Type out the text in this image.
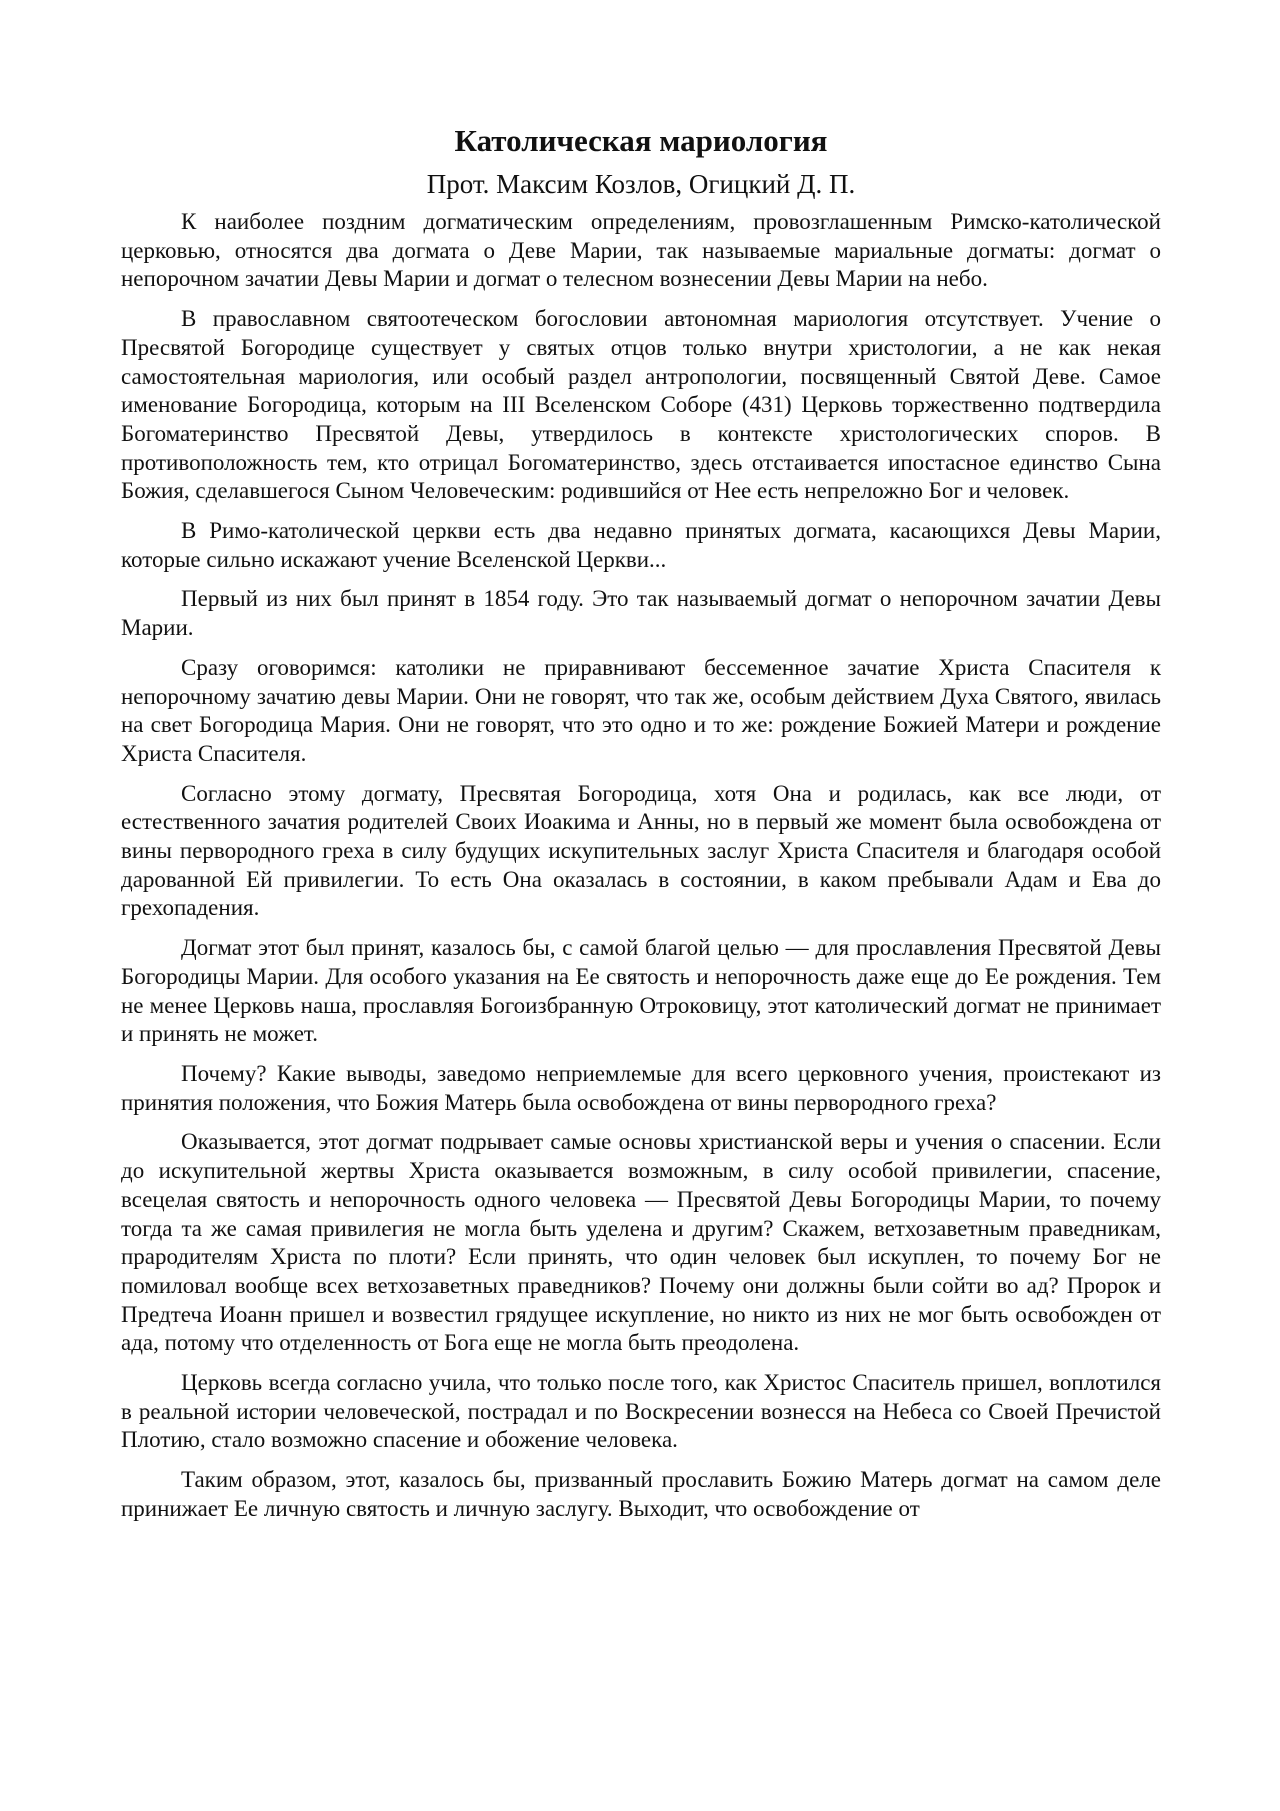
Католическая мариология
Прот. Максим Козлов, Огицкий Д. П.

К наиболее поздним догматическим определениям, провозглашенным Римско-католической церковью, относятся два догмата о Деве Марии, так называемые мариальные догматы: догмат о непорочном зачатии Девы Марии и догмат о телесном вознесении Девы Марии на небо.

В православном святоотеческом богословии автономная мариология отсутствует. Учение о Пресвятой Богородице существует у святых отцов только внутри христологии, а не как некая самостоятельная мариология, или особый раздел антропологии, посвященный Святой Деве. Самое именование Богородица, которым на III Вселенском Соборе (431) Церковь торжественно подтвердила Богоматеринство Пресвятой Девы, утвердилось в контексте христологических споров. В противоположность тем, кто отрицал Богоматеринство, здесь отстаивается ипостасное единство Сына Божия, сделавшегося Сыном Человеческим: родившийся от Нее есть непреложно Бог и человек.

В Римо-католической церкви есть два недавно принятых догмата, касающихся Девы Марии, которые сильно искажают учение Вселенской Церкви...

Первый из них был принят в 1854 году. Это так называемый догмат о непорочном зачатии Девы Марии.

Сразу оговоримся: католики не приравнивают бессеменное зачатие Христа Спасителя к непорочному зачатию девы Марии. Они не говорят, что так же, особым действием Духа Святого, явилась на свет Богородица Мария. Они не говорят, что это одно и то же: рождение Божией Матери и рождение Христа Спасителя.

Согласно этому догмату, Пресвятая Богородица, хотя Она и родилась, как все люди, от естественного зачатия родителей Своих Иоакима и Анны, но в первый же момент была освобождена от вины первородного греха в силу будущих искупительных заслуг Христа Спасителя и благодаря особой дарованной Ей привилегии. То есть Она оказалась в состоянии, в каком пребывали Адам и Ева до грехопадения.

Догмат этот был принят, казалось бы, с самой благой целью — для прославления Пресвятой Девы Богородицы Марии. Для особого указания на Ее святость и непорочность даже еще до Ее рождения. Тем не менее Церковь наша, прославляя Богоизбранную Отроковицу, этот католический догмат не принимает и принять не может.

Почему? Какие выводы, заведомо неприемлемые для всего церковного учения, проистекают из принятия положения, что Божия Матерь была освобождена от вины первородного греха?

Оказывается, этот догмат подрывает самые основы христианской веры и учения о спасении. Если до искупительной жертвы Христа оказывается возможным, в силу особой привилегии, спасение, всецелая святость и непорочность одного человека — Пресвятой Девы Богородицы Марии, то почему тогда та же самая привилегия не могла быть уделена и другим? Скажем, ветхозаветным праведникам, прародителям Христа по плоти? Если принять, что один человек был искуплен, то почему Бог не помиловал вообще всех ветхозаветных праведников? Почему они должны были сойти во ад? Пророк и Предтеча Иоанн пришел и возвестил грядущее искупление, но никто из них не мог быть освобожден от ада, потому что отделенность от Бога еще не могла быть преодолена.

Церковь всегда согласно учила, что только после того, как Христос Спаситель пришел, воплотился в реальной истории человеческой, пострадал и по Воскресении вознесся на Небеса со Своей Пречистой Плотию, стало возможно спасение и обожение человека.

Таким образом, этот, казалось бы, призванный прославить Божию Матерь догмат на самом деле принижает Ее личную святость и личную заслугу. Выходит, что освобождение от
